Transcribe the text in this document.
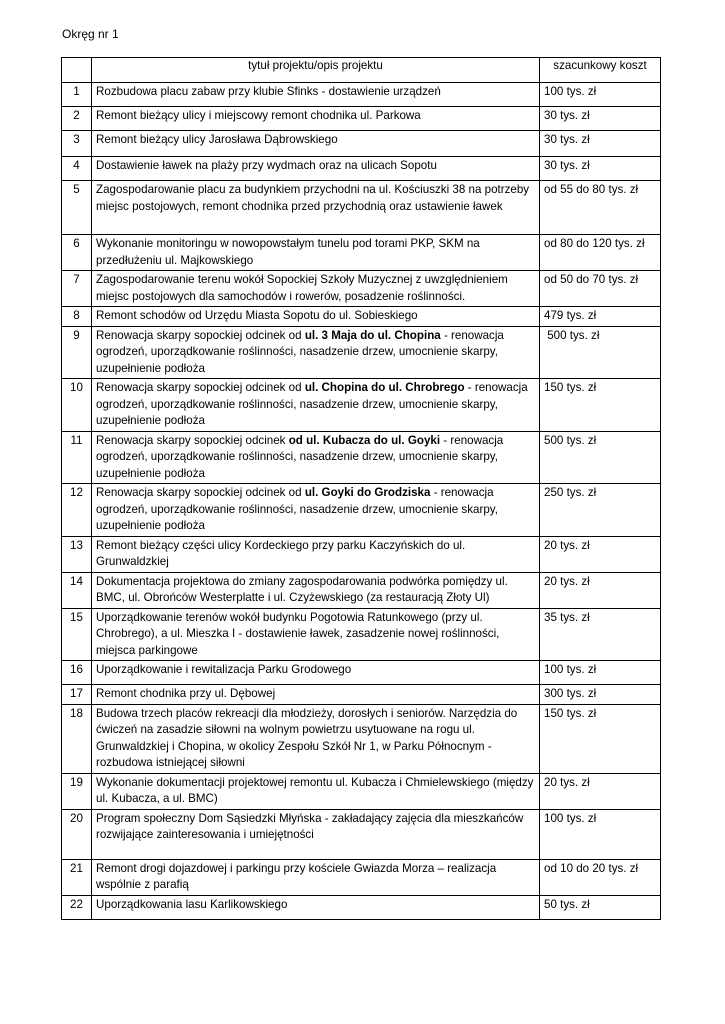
Okręg nr 1
	tytuł projektu/opis projektu	szacunkowy koszt
1	Rozbudowa placu zabaw przy klubie Sfinks - dostawienie urządzeń	100 tys. zł
2	Remont bieżący ulicy i miejscowy remont chodnika ul. Parkowa	30 tys. zł
3	Remont bieżący ulicy Jarosława Dąbrowskiego	30 tys. zł
4	Dostawienie ławek na plaży przy wydmach oraz na ulicach Sopotu	30 tys. zł
5	Zagospodarowanie placu za budynkiem przychodni na ul. Kościuszki 38 na potrzeby miejsc postojowych, remont chodnika przed przychodnią oraz ustawienie ławek	od 55 do 80 tys. zł
6	Wykonanie monitoringu w nowopowstałym tunelu pod torami PKP, SKM na przedłużeniu ul. Majkowskiego	od 80 do 120 tys. zł
7	Zagospodarowanie terenu wokół Sopockiej Szkoły Muzycznej z uwzględnieniem miejsc postojowych dla samochodów i rowerów, posadzenie roślinności.	od 50 do 70 tys. zł
8	Remont schodów od Urzędu Miasta Sopotu do ul. Sobieskiego	479 tys. zł
9	Renowacja skarpy sopockiej odcinek od ul. 3 Maja do ul. Chopina - renowacja ogrodzeń, uporządkowanie roślinności, nasadzenie drzew, umocnienie skarpy, uzupełnienie podłoża	500 tys. zł
10	Renowacja skarpy sopockiej odcinek od ul. Chopina do ul. Chrobrego - renowacja ogrodzeń, uporządkowanie roślinności, nasadzenie drzew, umocnienie skarpy, uzupełnienie podłoża	150 tys. zł
11	Renowacja skarpy sopockiej odcinek od ul. Kubacza do ul. Goyki - renowacja ogrodzeń, uporządkowanie roślinności, nasadzenie drzew, umocnienie skarpy, uzupełnienie podłoża	500 tys. zł
12	Renowacja skarpy sopockiej odcinek od ul. Goyki do Grodziska - renowacja ogrodzeń, uporządkowanie roślinności, nasadzenie drzew, umocnienie skarpy, uzupełnienie podłoża	250 tys. zł
13	Remont bieżący części ulicy Kordeckiego przy parku Kaczyńskich do ul. Grunwaldzkiej	20 tys. zł
14	Dokumentacja projektowa do zmiany zagospodarowania podwórka pomiędzy ul. BMC, ul. Obrońców Westerplatte i ul. Czyżewskiego (za restauracją Złoty Ul)	20 tys. zł
15	Uporządkowanie terenów wokół budynku Pogotowia Ratunkowego (przy ul. Chrobrego), a ul. Mieszka I - dostawienie ławek, zasadzenie nowej roślinności, miejsca parkingowe	35 tys. zł
16	Uporządkowanie i rewitalizacja Parku Grodowego	100 tys. zł
17	Remont chodnika przy ul. Dębowej	300 tys. zł
18	Budowa trzech placów rekreacji dla młodzieży, dorosłych i seniorów. Narzędzia do ćwiczeń na zasadzie siłowni na wolnym powietrzu usytuowane na rogu ul. Grunwaldzkiej i Chopina, w okolicy Zespołu Szkół Nr 1, w Parku Północnym - rozbudowa istniejącej siłowni	150 tys. zł
19	Wykonanie dokumentacji projektowej remontu ul. Kubacza i Chmielewskiego (między ul. Kubacza, a ul. BMC)	20 tys. zł
20	Program społeczny Dom Sąsiedzki Młyńska - zakładający zajęcia dla mieszkańców rozwijające zainteresowania i umiejętności	100 tys. zł
21	Remont drogi dojazdowej i parkingu przy kościele Gwiazda Morza – realizacja wspólnie z parafią	od 10 do 20 tys. zł
22	Uporządkowania lasu Karlikowskiego	50 tys. zł
